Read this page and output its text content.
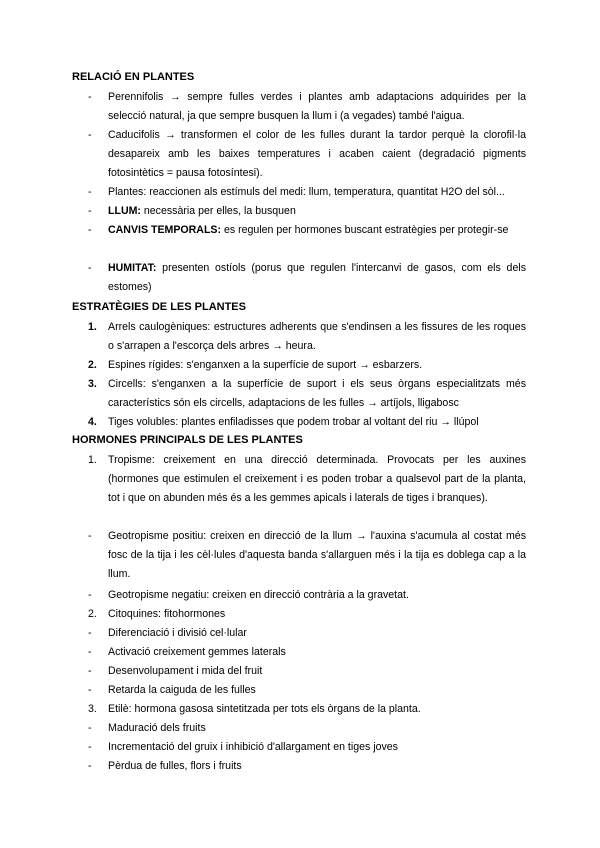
RELACIÓ EN PLANTES
- Perennifolis → sempre fulles verdes i plantes amb adaptacions adquirides per la selecció natural, ja que sempre busquen la llum i (a vegades) també l'aigua.
- Caducifolis → transformen el color de les fulles durant la tardor perquè la clorofil·la desapareix amb les baixes temperatures i acaben caient (degradació pigments fotosintètics = pausa fotosíntesi).
- Plantes: reaccionen als estímuls del medi: llum, temperatura, quantitat H2O del sòl...
- LLUM: necessària per elles, la busquen
- CANVIS TEMPORALS: es regulen per hormones buscant estratègies per protegir-se
- HUMITAT: presenten ostíols (porus que regulen l'intercanvi de gasos, com els dels estomes)
ESTRATÈGIES DE LES PLANTES
1. Arrels caulogèniques: estructures adherents que s'endinsen a les fissures de les roques o s'arrapen a l'escorça dels arbres → heura.
2. Espines rígides: s'enganxen a la superfície de suport → esbarzers.
3. Circells: s'enganxen a la superfície de suport i els seus òrgans especialitzats més característics són els circells, adaptacions de les fulles → artíjols, lligabosc
4. Tiges volubles: plantes enfiladisses que podem trobar al voltant del riu → llúpol
HORMONES PRINCIPALS DE LES PLANTES
1. Tropisme: creixement en una direcció determinada. Provocats per les auxines (hormones que estimulen el creixement i es poden trobar a qualsevol part de la planta, tot i que on abunden més és a les gemmes apicals i laterals de tiges i branques).
- Geotropisme positiu: creixen en direcció de la llum → l'auxina s'acumula al costat més fosc de la tija i les cèl·lules d'aquesta banda s'allarguen més i la tija es doblega cap a la llum.
- Geotropisme negatiu: creixen en direcció contrària a la gravetat.
2. Citoquines: fitohormones
- Diferenciació i divisió cel·lular
- Activació creixement gemmes laterals
- Desenvolupament i mida del fruit
- Retarda la caiguda de les fulles
3. Etilè: hormona gasosa sintetitzada per tots els òrgans de la planta.
- Maduració dels fruits
- Incrementació del gruix i inhibició d'allargament en tiges joves
- Pèrdua de fulles, flors i fruits
